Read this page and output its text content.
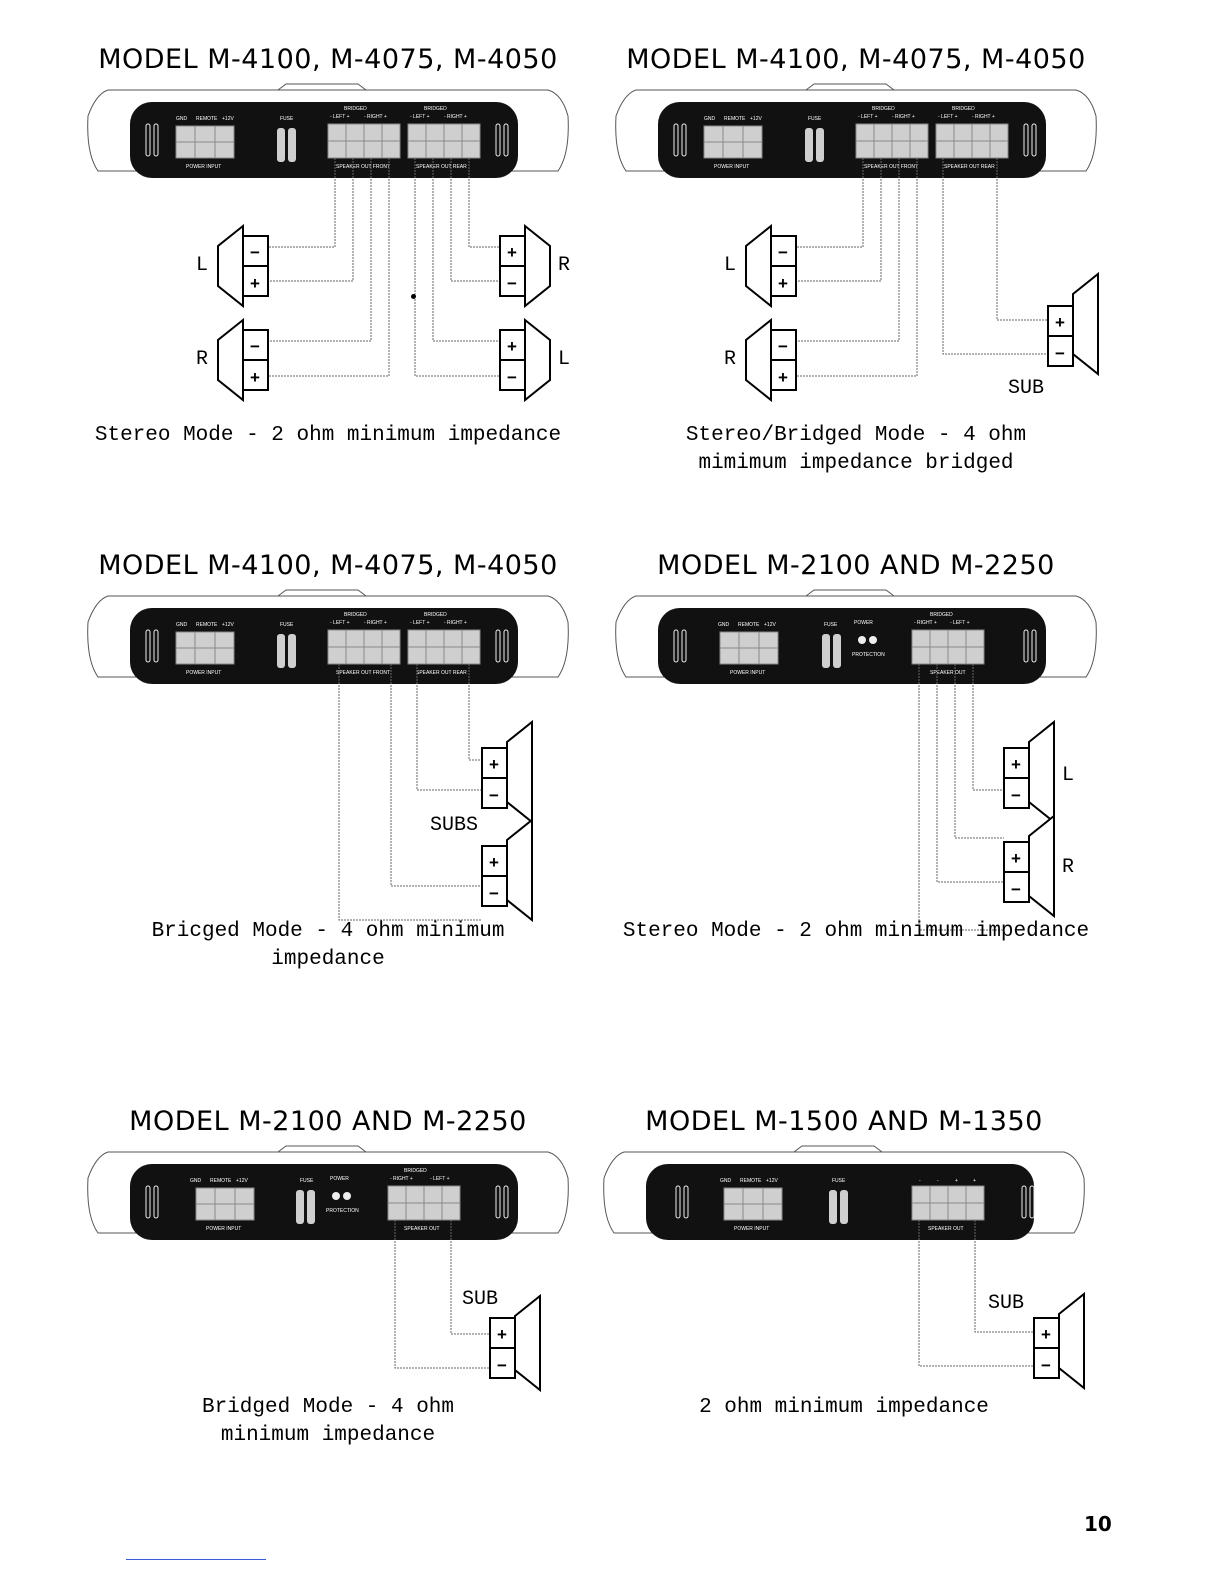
MODEL M-4100, M-4075, M-4050
GND REMOTE +12V
POWER INPUT
FUSE
BRIDGED
- LEFT +	- RIGHT +
BRIDGED
- LEFT +	- RIGHT +
SPEAKER OUT FRONT	SPEAKER OUT REAR
−
+
L
−
+
R
+
−
R
+
−
L
Stereo Mode - 2 ohm minimum impedance
MODEL M-4100, M-4075, M-4050
GND REMOTE +12V
POWER INPUT
FUSE
BRIDGED
- LEFT +	- RIGHT +
BRIDGED
- LEFT +	- RIGHT +
SPEAKER OUT FRONT	SPEAKER OUT REAR
−
+
L
−
+
R
+
−
SUB
Stereo/Bridged Mode - 4 ohm
mimimum impedance bridged
MODEL M-4100, M-4075, M-4050
GND REMOTE +12V
POWER INPUT
FUSE
BRIDGED
- LEFT +	- RIGHT +
BRIDGED
- LEFT +	- RIGHT +
SPEAKER OUT FRONT	SPEAKER OUT REAR
+
−
+
−
SUBS
Bricged Mode - 4 ohm minimum
impedance
MODEL M-2100 AND M-2250
GND REMOTE +12V
POWER INPUT
FUSE	POWER
PROTECTION
BRIDGED
- RIGHT +	- LEFT +
SPEAKER OUT
+
−
L
+
−
R
Stereo Mode - 2 ohm minimum impedance
MODEL M-2100 AND M-2250
GND REMOTE +12V
POWER INPUT
FUSE	POWER
PROTECTION
BRIDGED
- RIGHT +	- LEFT +
SPEAKER OUT
+
−
SUB
Bridged Mode - 4 ohm
minimum impedance
MODEL M-1500 AND M-1350
GND REMOTE +12V
POWER INPUT
FUSE	-	-	+	+
SPEAKER OUT
+
−
SUB
2 ohm minimum impedance
10
